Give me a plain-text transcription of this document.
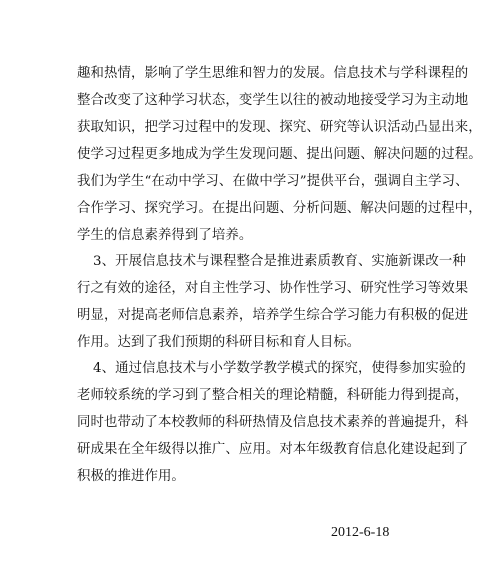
趣和热情，影响了学生思维和智力的发展。信息技术与学科课程的
整合改变了这种学习状态，变学生以往的被动地接受学习为主动地
获取知识，把学习过程中的发现、探究、研究等认识活动凸显出来，
使学习过程更多地成为学生发现问题、提出问题、解决问题的过程。
我们为学生“在动中学习、在做中学习”提供平台，强调自主学习、
合作学习、探究学习。在提出问题、分析问题、解决问题的过程中，
学生的信息素养得到了培养。
3、开展信息技术与课程整合是推进素质教育、实施新课改一种
行之有效的途径，对自主性学习、协作性学习、研究性学习等效果
明显，对提高老师信息素养，培养学生综合学习能力有积极的促进
作用。达到了我们预期的科研目标和育人目标。
4、通过信息技术与小学数学教学模式的探究，使得参加实验的
老师较系统的学习到了整合相关的理论精髓，科研能力得到提高，
同时也带动了本校教师的科研热情及信息技术素养的普遍提升，科
研成果在全年级得以推广、应用。对本年级教育信息化建设起到了
积极的推进作用。
2012-6-18
